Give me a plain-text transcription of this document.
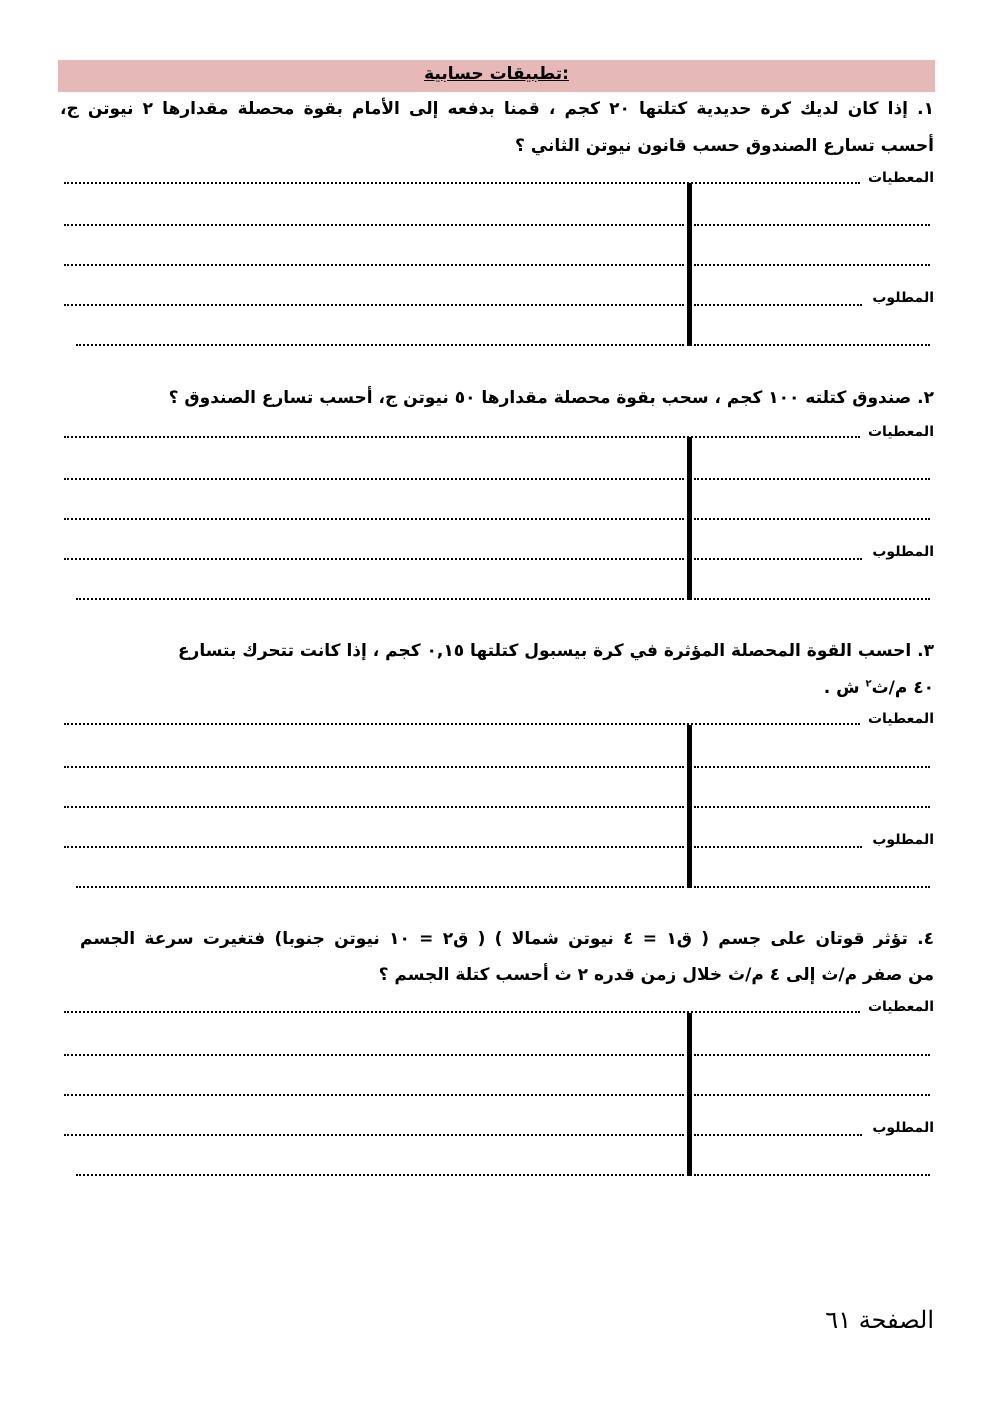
تطبيقات حسابية:
١. إذا كان لديك كرة حديدية كتلتها ٢٠ كجم ، قمنا بدفعه إلى الأمام بقوة محصلة مقدارها ٢ نيوتن ج،
أحسب تسارع الصندوق حسب قانون نيوتن الثاني ؟
المعطيات
المطلوب
٢. صندوق كتلته ١٠٠ كجم ، سحب بقوة محصلة مقدارها ٥٠ نيوتن ج، أحسب تسارع الصندوق ؟
المعطيات
المطلوب
٣. احسب القوة المحصلة المؤثرة في كرة بيسبول كتلتها ٠,١٥ كجم ، إذا كانت تتحرك بتسارع
٤٠ م/ث$^٢$ ش .
المعطيات
المطلوب
٤. تؤثر قوتان على جسم ( ق١ = ٤ نيوتن شمالا ) ( ق٢ = ١٠ نيوتن جنوبا) فتغيرت سرعة الجسم
من صفر م/ث إلى ٤ م/ث خلال زمن قدره ٢ ث أحسب كتلة الجسم ؟
المعطيات
المطلوب
الصفحة ٦١
